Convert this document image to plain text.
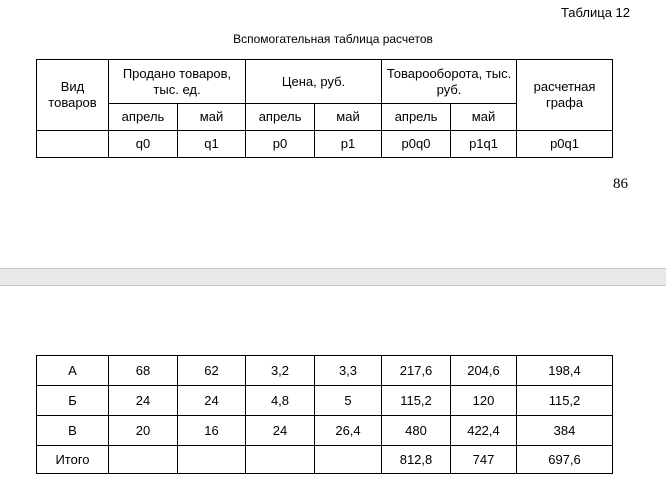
Таблица 12
Вспомогательная таблица расчетов
Вид товаров	Продано товаров, тыс. ед.		Цена, руб.		Товарооборота, тыс. руб.		расчетная графа
	апрель	май	апрель	май	апрель	май	
	q0	q1	p0	p1	p0q0	p1q1	p0q1
86
А	68	62	3,2	3,3	217,6	204,6	198,4
Б	24	24	4,8	5	115,2	120	115,2
В	20	16	24	26,4	480	422,4	384
Итого					812,8	747	697,6
